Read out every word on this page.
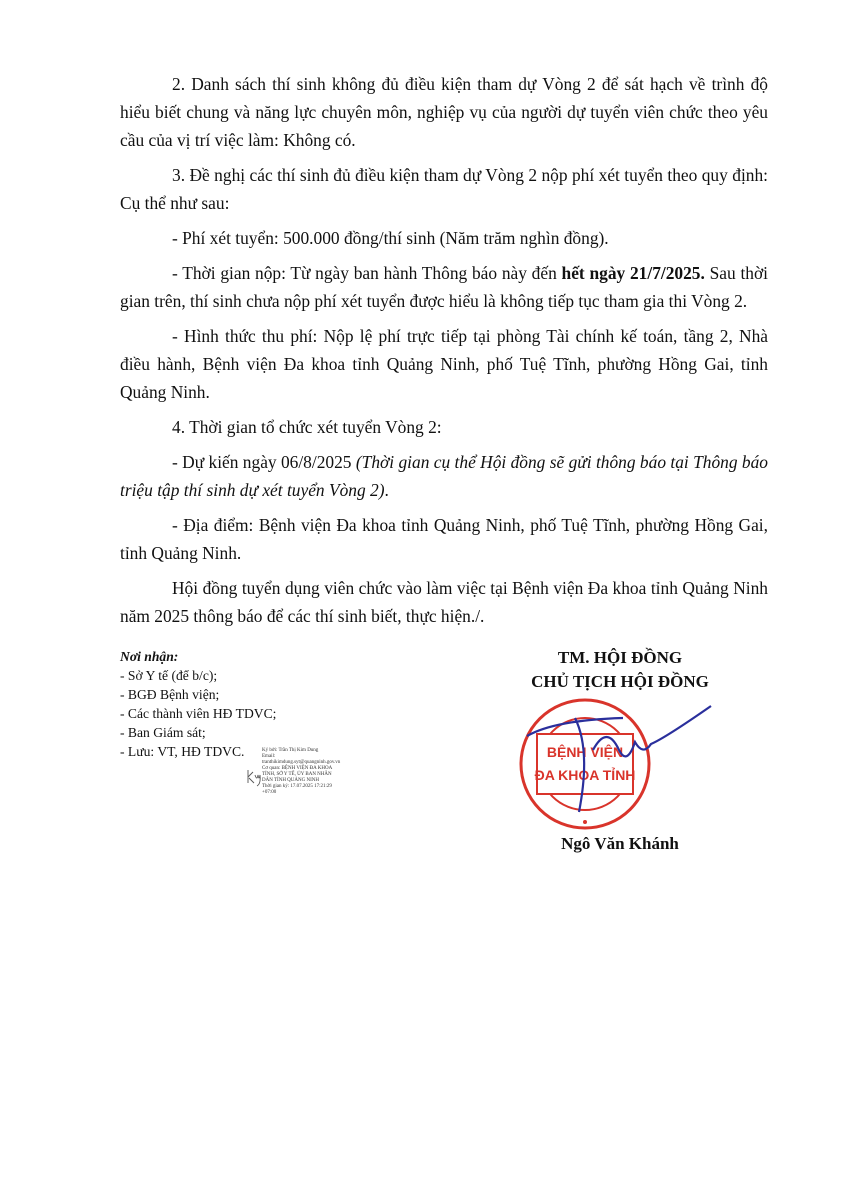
2. Danh sách thí sinh không đủ điều kiện tham dự Vòng 2 để sát hạch về trình độ hiểu biết chung và năng lực chuyên môn, nghiệp vụ của người dự tuyển viên chức theo yêu cầu của vị trí việc làm: Không có.

3. Đề nghị các thí sinh đủ điều kiện tham dự Vòng 2 nộp phí xét tuyển theo quy định: Cụ thể như sau:

- Phí xét tuyển: 500.000 đồng/thí sinh (Năm trăm nghìn đồng).

- Thời gian nộp: Từ ngày ban hành Thông báo này đến hết ngày 21/7/2025. Sau thời gian trên, thí sinh chưa nộp phí xét tuyển được hiểu là không tiếp tục tham gia thi Vòng 2.

- Hình thức thu phí: Nộp lệ phí trực tiếp tại phòng Tài chính kế toán, tầng 2, Nhà điều hành, Bệnh viện Đa khoa tỉnh Quảng Ninh, phố Tuệ Tĩnh, phường Hồng Gai, tỉnh Quảng Ninh.

4. Thời gian tổ chức xét tuyển Vòng 2:

- Dự kiến ngày 06/8/2025 (Thời gian cụ thể Hội đồng sẽ gửi thông báo tại Thông báo triệu tập thí sinh dự xét tuyển Vòng 2).

- Địa điểm: Bệnh viện Đa khoa tỉnh Quảng Ninh, phố Tuệ Tĩnh, phường Hồng Gai, tỉnh Quảng Ninh.

Hội đồng tuyển dụng viên chức vào làm việc tại Bệnh viện Đa khoa tỉnh Quảng Ninh năm 2025 thông báo để các thí sinh biết, thực hiện./.

Nơi nhận:
- Sở Y tế (để b/c);
- BGĐ Bệnh viện;
- Các thành viên HĐ TDVC;
- Ban Giám sát;
- Lưu: VT, HĐ TDVC.	Ký bởi: Trần Thị Kim Dung
Email: tranthikimdung.syt@quangninh.gov.vn
Cơ quan: BỆNH VIỆN ĐA KHOA TỈNH, SỞ Y TẾ, ỦY BAN NHÂN DÂN TỈNH QUẢNG NINH
Thời gian ký: 17.07.2025 17:21:29 +07:00
TM. HỘI ĐỒNG
CHỦ TỊCH HỘI ĐỒNG
BỆNH VIỆN
ĐA KHOA TỈNH
Ngô Văn Khánh
